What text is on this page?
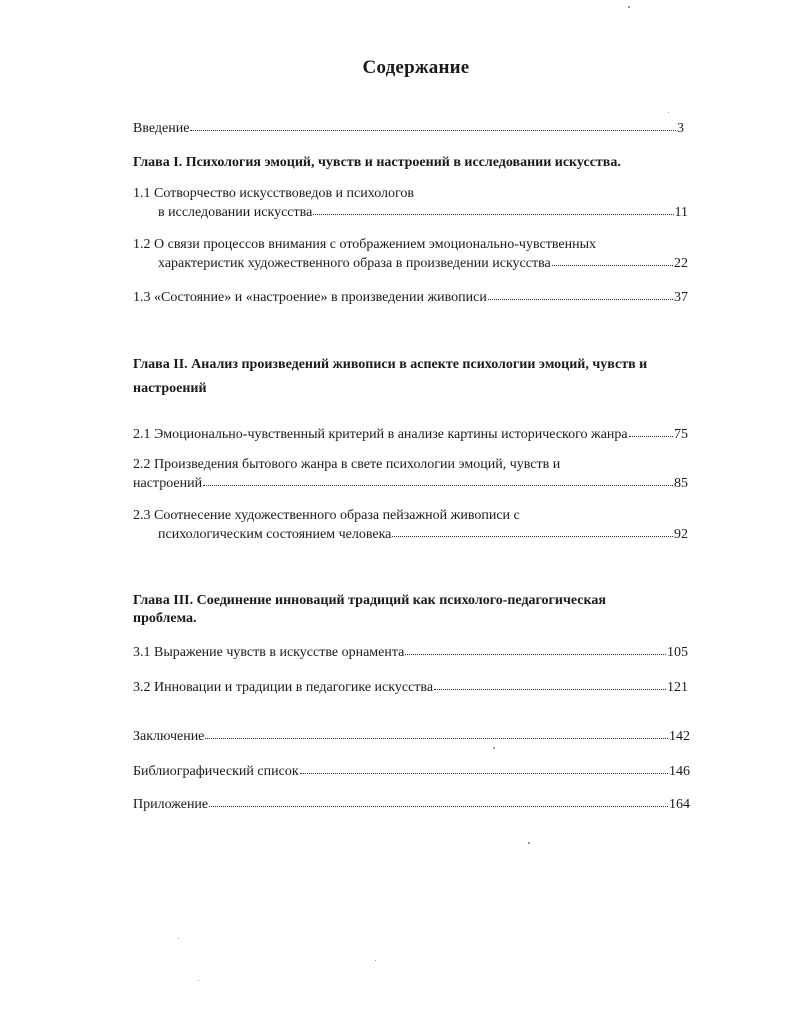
Содержание
Введение	3
Глава I. Психология эмоций, чувств и настроений в исследовании искусства.
1.1 Сотворчество искусствоведов и психологов
в исследовании искусства	11
1.2 О связи процессов внимания с отображением эмоционально-чувственных
характеристик художественного образа в произведении искусства	22
1.3 «Состояние» и «настроение» в произведении живописи	37
Глава II. Анализ произведений живописи в аспекте психологии эмоций, чувств и
настроений
2.1 Эмоционально-чувственный критерий в анализе картины исторического жанра	75
2.2 Произведения бытового жанра в свете психологии эмоций, чувств и
настроений	85
2.3 Соотнесение художественного образа пейзажной живописи с
психологическим состоянием человека	92
Глава III. Соединение инноваций традиций как психолого-педагогическая
проблема.
3.1 Выражение чувств в искусстве орнамента	105
3.2 Инновации и традиции в педагогике искусства	121
Заключение	142
Библиографический список	146
Приложение	164
